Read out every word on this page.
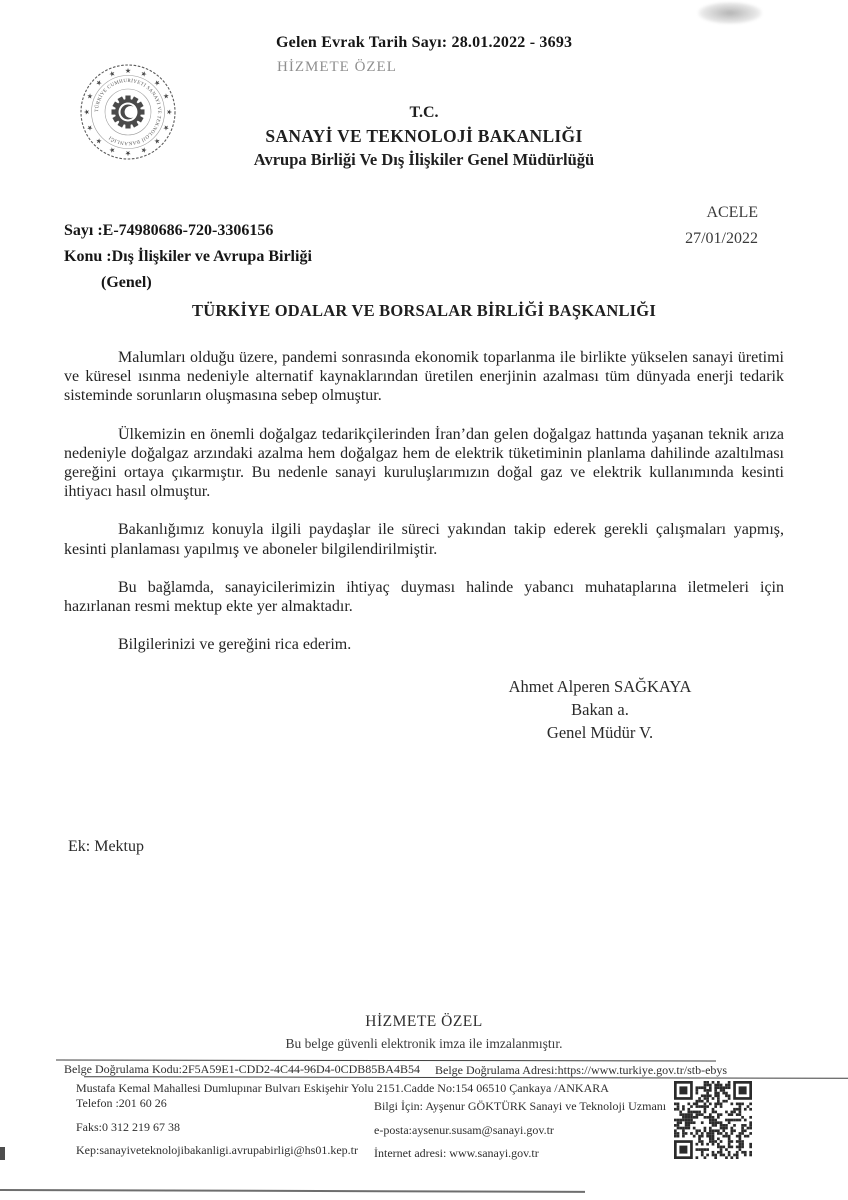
Gelen Evrak Tarih Sayı: 28.01.2022 - 3693
HİZMETE ÖZEL
TÜRKİYE CUMHURİYETİ SANAYİ VE TEKNOLOJİ BAKANLIĞI
★ ★
★
★
★
★
★
★
★
★
★
★
★
★
★
★
T.C.
SANAYİ VE TEKNOLOJİ BAKANLIĞI
Avrupa Birliği Ve Dış İlişkiler Genel Müdürlüğü
ACELE
27/01/2022
Sayı :E-74980686-720-3306156
Konu :Dış İlişkiler ve Avrupa Birliği
(Genel)
TÜRKİYE ODALAR VE BORSALAR BİRLİĞİ BAŞKANLIĞI

Malumları olduğu üzere, pandemi sonrasında ekonomik toparlanma ile birlikte yükselen sanayi üretimi ve küresel ısınma nedeniyle alternatif kaynaklarından üretilen enerjinin azalması tüm dünyada enerji tedarik sisteminde sorunların oluşmasına sebep olmuştur.

Ülkemizin en önemli doğalgaz tedarikçilerinden İran’dan gelen doğalgaz hattında yaşanan teknik arıza nedeniyle doğalgaz arzındaki azalma hem doğalgaz hem de elektrik tüketiminin planlama dahilinde azaltılması gereğini ortaya çıkarmıştır. Bu nedenle sanayi kuruluşlarımızın doğal gaz ve elektrik kullanımında kesinti ihtiyacı hasıl olmuştur.

Bakanlığımız konuyla ilgili paydaşlar ile süreci yakından takip ederek gerekli çalışmaları yapmış, kesinti planlaması yapılmış ve aboneler bilgilendirilmiştir.

Bu bağlamda, sanayicilerimizin ihtiyaç duyması halinde yabancı muhataplarına iletmeleri için hazırlanan resmi mektup ekte yer almaktadır.

Bilgilerinizi ve gereğini rica ederim.

Ahmet Alperen SAĞKAYA
Bakan a.
Genel Müdür V.
Ek: Mektup
HİZMETE ÖZEL
Bu belge güvenli elektronik imza ile imzalanmıştır.
Belge Doğrulama Kodu:2F5A59E1-CDD2-4C44-96D4-0CDB85BA4B54 Belge Doğrulama Adresi:https://www.turkiye.gov.tr/stb-ebys
Mustafa Kemal Mahallesi Dumlupınar Bulvarı Eskişehir Yolu 2151.Cadde No:154 06510 Çankaya /ANKARA
Telefon :201 60 26	Bilgi İçin: Ayşenur GÖKTÜRK Sanayi ve Teknoloji Uzmanı
Faks:0 312 219 67 38	e-posta:aysenur.susam@sanayi.gov.tr
Kep:sanayiveteknolojibakanligi.avrupabirligi@hs01.kep.tr İnternet adresi: www.sanayi.gov.tr
